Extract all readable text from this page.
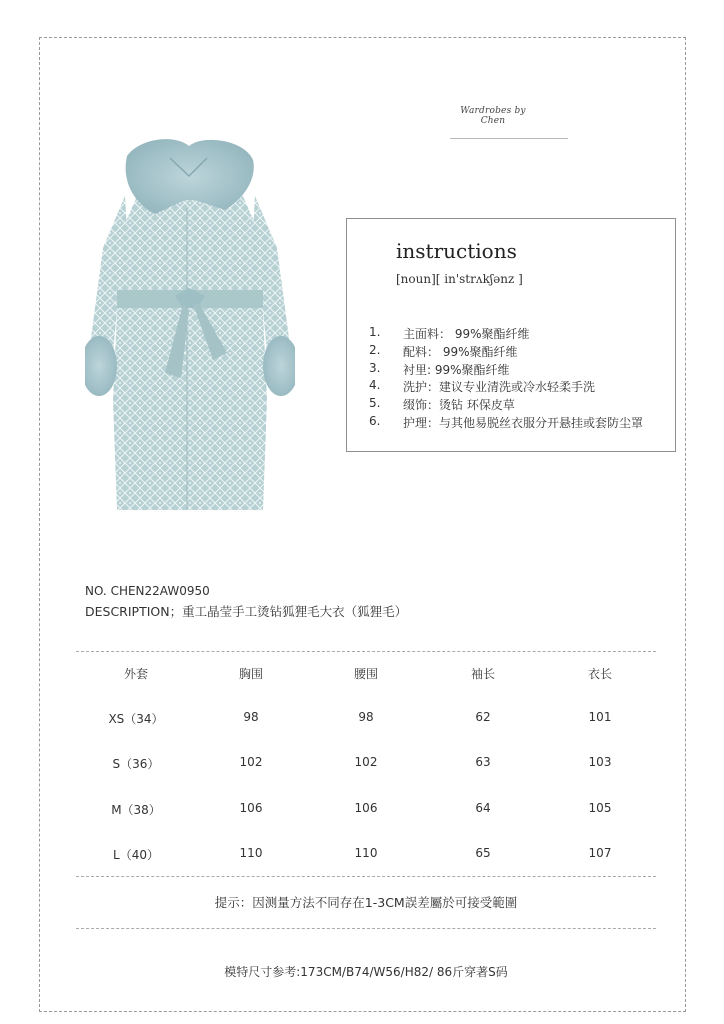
Wardrobes by Chen
instructions
[noun][ in'strʌkʃənz ]
1.	主面料： 99%聚酯纤维
2.	配料： 99%聚酯纤维
3.	衬里: 99%聚酯纤维
4.	洗护：建议专业清洗或冷水轻柔手洗
5.	缀饰：烫钻 环保皮草
6.	护理：与其他易脱丝衣服分开悬挂或套防尘罩
NO. CHEN22AW0950
DESCRIPTION；重工晶莹手工烫钻狐狸毛大衣（狐狸毛）
外套	胸围	腰围	袖长	衣长
XS（34）	98	98	62	101
S（36）	102	102	63	103
M（38）	106	106	64	105
L（40）	110	110	65	107
提示：因测量方法不同存在1-3CM誤差屬於可接受範圍
模特尺寸参考:173CM/B74/W56/H82/ 86斤穿著S码
